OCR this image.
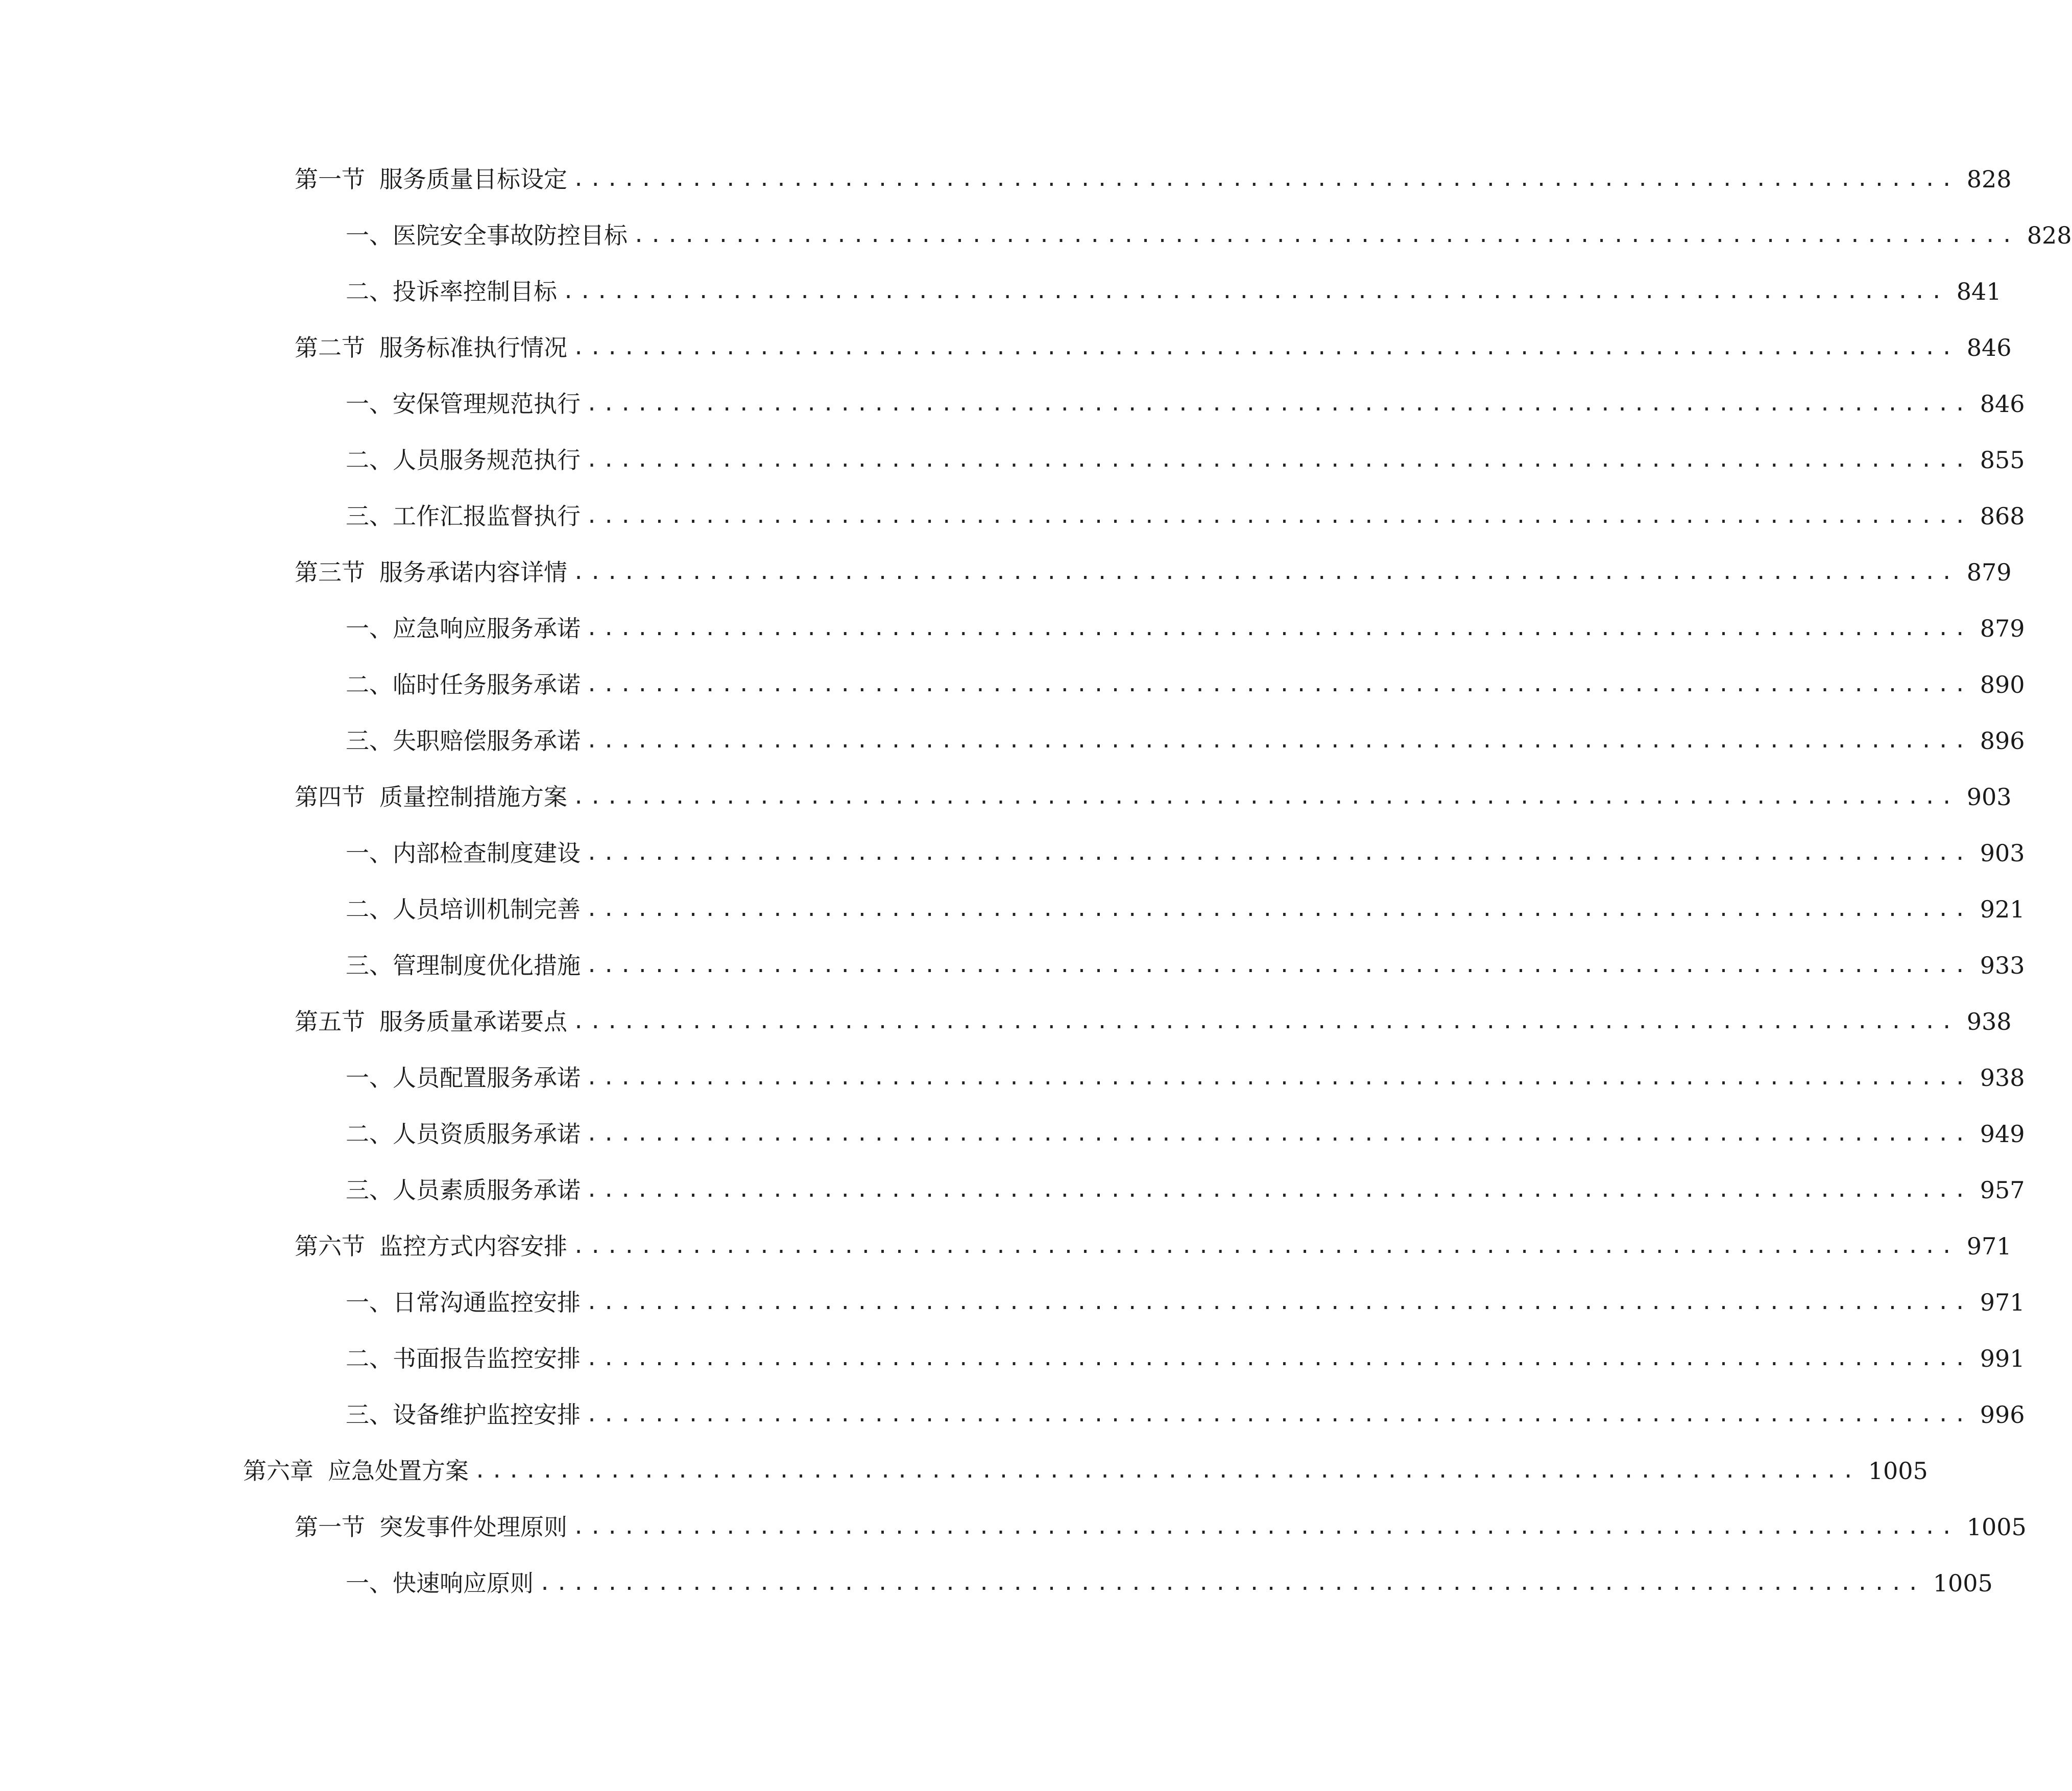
第一节 服务质量目标设定 .................................................................................. 828
一、 医院安全事故防控目标 .................................................................................. 828
二、 投诉率控制目标 .................................................................................. 841
第二节 服务标准执行情况 .................................................................................. 846
一、 安保管理规范执行 .................................................................................. 846
二、 人员服务规范执行 .................................................................................. 855
三、 工作汇报监督执行 .................................................................................. 868
第三节 服务承诺内容详情 .................................................................................. 879
一、 应急响应服务承诺 .................................................................................. 879
二、 临时任务服务承诺 .................................................................................. 890
三、 失职赔偿服务承诺 .................................................................................. 896
第四节 质量控制措施方案 .................................................................................. 903
一、 内部检查制度建设 .................................................................................. 903
二、 人员培训机制完善 .................................................................................. 921
三、 管理制度优化措施 .................................................................................. 933
第五节 服务质量承诺要点 .................................................................................. 938
一、 人员配置服务承诺 .................................................................................. 938
二、 人员资质服务承诺 .................................................................................. 949
三、 人员素质服务承诺 .................................................................................. 957
第六节 监控方式内容安排 .................................................................................. 971
一、 日常沟通监控安排 .................................................................................. 971
二、 书面报告监控安排 .................................................................................. 991
三、 设备维护监控安排 .................................................................................. 996
第六章 应急处置方案 .................................................................................. 1005
第一节 突发事件处理原则 .................................................................................. 1005
一、 快速响应原则 .................................................................................. 1005
